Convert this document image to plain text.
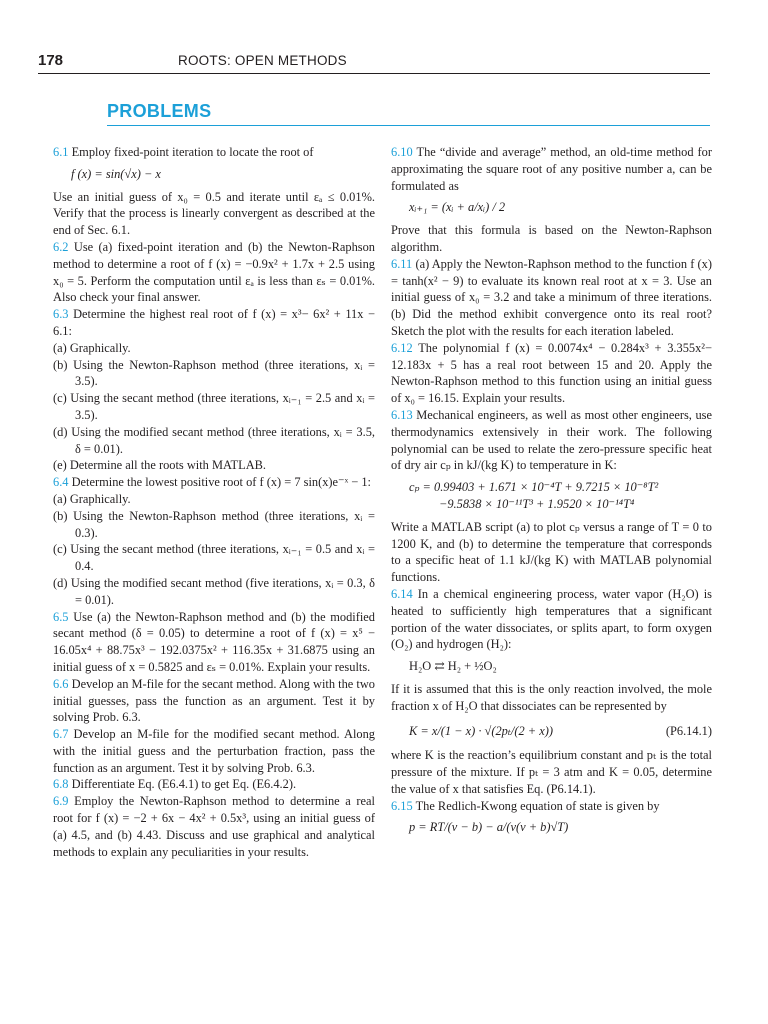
178	ROOTS: OPEN METHODS
PROBLEMS

6.1 Employ fixed-point iteration to locate the root of

f (x) = sin(√x) − x

Use an initial guess of x₀ = 0.5 and iterate until εₐ ≤ 0.01%. Verify that the process is linearly convergent as described at the end of Sec. 6.1.

6.2 Use (a) fixed-point iteration and (b) the Newton-Raphson method to determine a root of f (x) = −0.9x² + 1.7x + 2.5 using x₀ = 5. Perform the computation until εₐ is less than εₛ = 0.01%. Also check your final answer.

6.3 Determine the highest real root of f (x) = x³− 6x² + 11x − 6.1:

(a) Graphically.

(b) Using the Newton-Raphson method (three iterations, xᵢ = 3.5).

(c) Using the secant method (three iterations, xᵢ₋₁ = 2.5 and xᵢ = 3.5).

(d) Using the modified secant method (three iterations, xᵢ = 3.5, δ = 0.01).

(e) Determine all the roots with MATLAB.

6.4 Determine the lowest positive root of f (x) = 7 sin(x)e⁻ˣ − 1:

(a) Graphically.

(b) Using the Newton-Raphson method (three iterations, xᵢ = 0.3).

(c) Using the secant method (three iterations, xᵢ₋₁ = 0.5 and xᵢ = 0.4.

(d) Using the modified secant method (five iterations, xᵢ = 0.3, δ = 0.01).

6.5 Use (a) the Newton-Raphson method and (b) the modified secant method (δ = 0.05) to determine a root of f (x) = x⁵ − 16.05x⁴ + 88.75x³ − 192.0375x² + 116.35x + 31.6875 using an initial guess of x = 0.5825 and εₛ = 0.01%. Explain your results.

6.6 Develop an M-file for the secant method. Along with the two initial guesses, pass the function as an argument. Test it by solving Prob. 6.3.

6.7 Develop an M-file for the modified secant method. Along with the initial guess and the perturbation fraction, pass the function as an argument. Test it by solving Prob. 6.3.

6.8 Differentiate Eq. (E6.4.1) to get Eq. (E6.4.2).

6.9 Employ the Newton-Raphson method to determine a real root for f (x) = −2 + 6x − 4x² + 0.5x³, using an initial guess of (a) 4.5, and (b) 4.43. Discuss and use graphical and analytical methods to explain any peculiarities in your results.

6.10 The “divide and average” method, an old-time method for approximating the square root of any positive number a, can be formulated as

xᵢ₊₁ = (xᵢ + a/xᵢ) / 2

Prove that this formula is based on the Newton-Raphson algorithm.

6.11 (a) Apply the Newton-Raphson method to the function f (x) = tanh(x² − 9) to evaluate its known real root at x = 3. Use an initial guess of x₀ = 3.2 and take a minimum of three iterations. (b) Did the method exhibit convergence onto its real root? Sketch the plot with the results for each iteration labeled.

6.12 The polynomial f (x) = 0.0074x⁴ − 0.284x³ + 3.355x²− 12.183x + 5 has a real root between 15 and 20. Apply the Newton-Raphson method to this function using an initial guess of x₀ = 16.15. Explain your results.

6.13 Mechanical engineers, as well as most other engineers, use thermodynamics extensively in their work. The following polynomial can be used to relate the zero-pressure specific heat of dry air cₚ in kJ/(kg K) to temperature in K:

cₚ = 0.99403 + 1.671 × 10⁻⁴T + 9.7215 × 10⁻⁸T²
−9.5838 × 10⁻¹¹T³ + 1.9520 × 10⁻¹⁴T⁴

Write a MATLAB script (a) to plot cₚ versus a range of T = 0 to 1200 K, and (b) to determine the temperature that corresponds to a specific heat of 1.1 kJ/(kg K) with MATLAB polynomial functions.

6.14 In a chemical engineering process, water vapor (H₂O) is heated to sufficiently high temperatures that a significant portion of the water dissociates, or splits apart, to form oxygen (O₂) and hydrogen (H₂):

H₂O ⇄ H₂ + ½O₂

If it is assumed that this is the only reaction involved, the mole fraction x of H₂O that dissociates can be represented by

K = x/(1 − x) · √(2pₜ/(2 + x))	(P6.14.1)

where K is the reaction’s equilibrium constant and pₜ is the total pressure of the mixture. If pₜ = 3 atm and K = 0.05, determine the value of x that satisfies Eq. (P6.14.1).

6.15 The Redlich-Kwong equation of state is given by

p = RT/(v − b) − a/(v(v + b)√T)
